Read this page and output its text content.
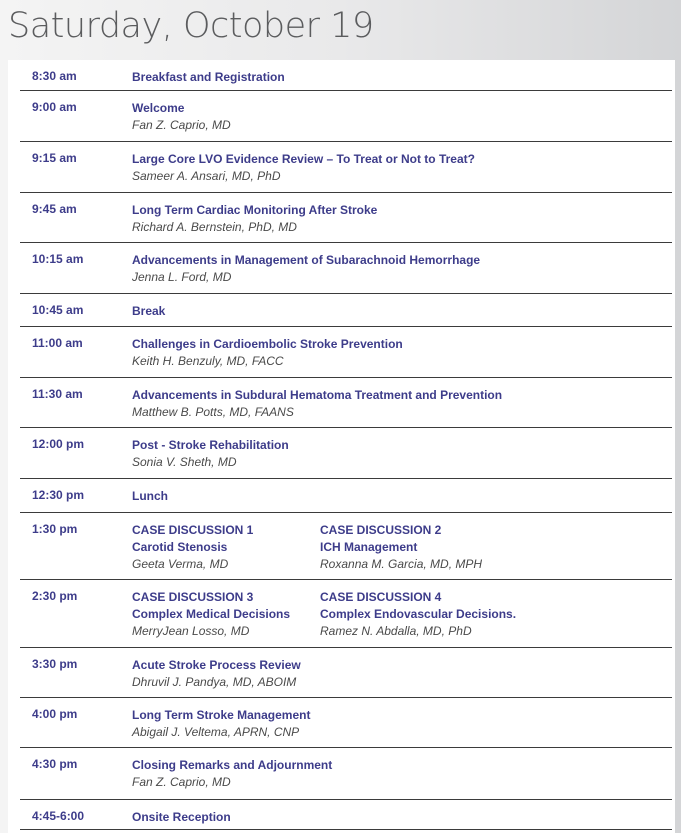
Saturday, October 19
8:30 am	Breakfast and Registration
9:00 am	Welcome
Fan Z. Caprio, MD
9:15 am	Large Core LVO Evidence Review – To Treat or Not to Treat?
Sameer A. Ansari, MD, PhD
9:45 am	Long Term Cardiac Monitoring After Stroke
Richard A. Bernstein, PhD, MD
10:15 am	Advancements in Management of Subarachnoid Hemorrhage
Jenna L. Ford, MD
10:45 am	Break
11:00 am	Challenges in Cardioembolic Stroke Prevention
Keith H. Benzuly, MD, FACC
11:30 am	Advancements in Subdural Hematoma Treatment and Prevention
Matthew B. Potts, MD, FAANS
12:00 pm	Post - Stroke Rehabilitation
Sonia V. Sheth, MD
12:30 pm	Lunch
1:30 pm	CASE DISCUSSION 1
Carotid Stenosis
Geeta Verma, MD
CASE DISCUSSION 2
ICH Management
Roxanna M. Garcia, MD, MPH
2:30 pm	CASE DISCUSSION 3
Complex Medical Decisions
MerryJean Losso, MD
CASE DISCUSSION 4
Complex Endovascular Decisions.
Ramez N. Abdalla, MD, PhD
3:30 pm	Acute Stroke Process Review
Dhruvil J. Pandya, MD, ABOIM
4:00 pm	Long Term Stroke Management
Abigail J. Veltema, APRN, CNP
4:30 pm	Closing Remarks and Adjournment
Fan Z. Caprio, MD
4:45-6:00	Onsite Reception
